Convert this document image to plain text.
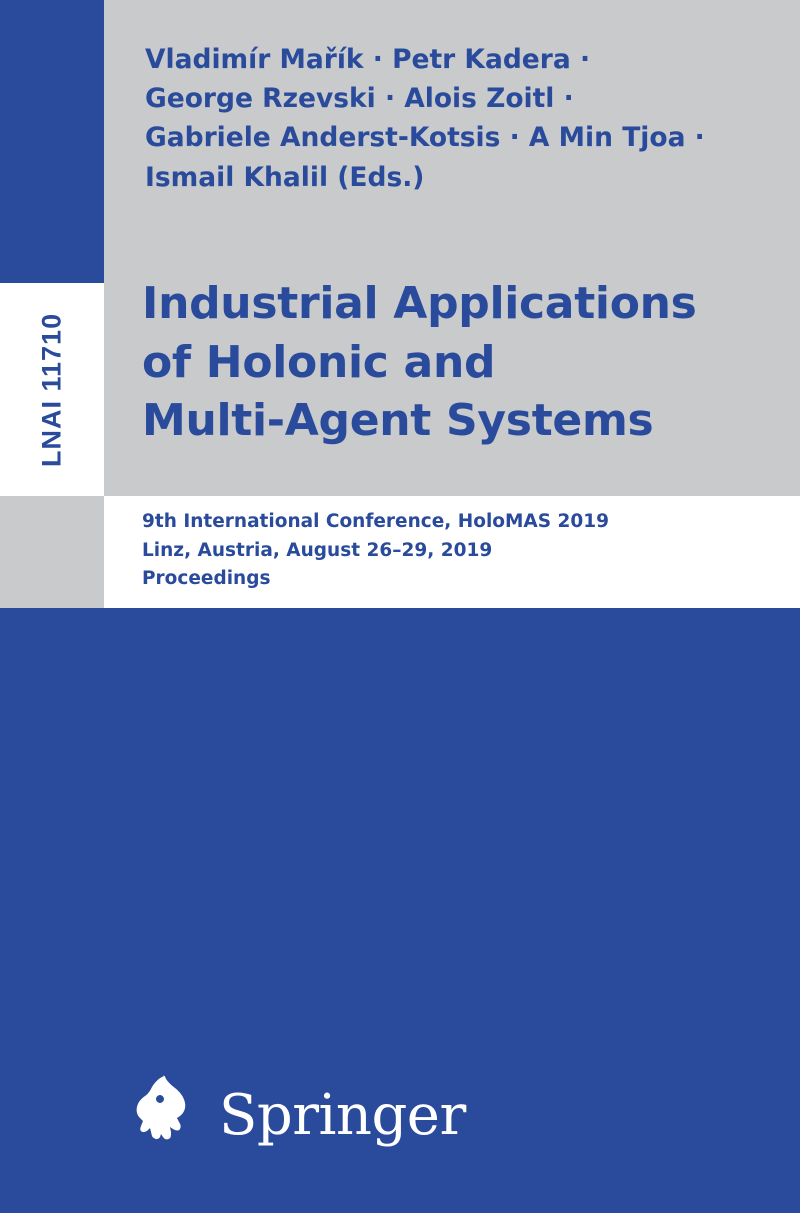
LNAI 11710
Vladimír Mařík · Petr Kadera ·
George Rzevski · Alois Zoitl ·
Gabriele Anderst-Kotsis · A Min Tjoa ·
Ismail Khalil (Eds.)
Industrial Applications
of Holonic and
Multi-Agent Systems
9th International Conference, HoloMAS 2019
Linz, Austria, August 26–29, 2019
Proceedings
Springer
